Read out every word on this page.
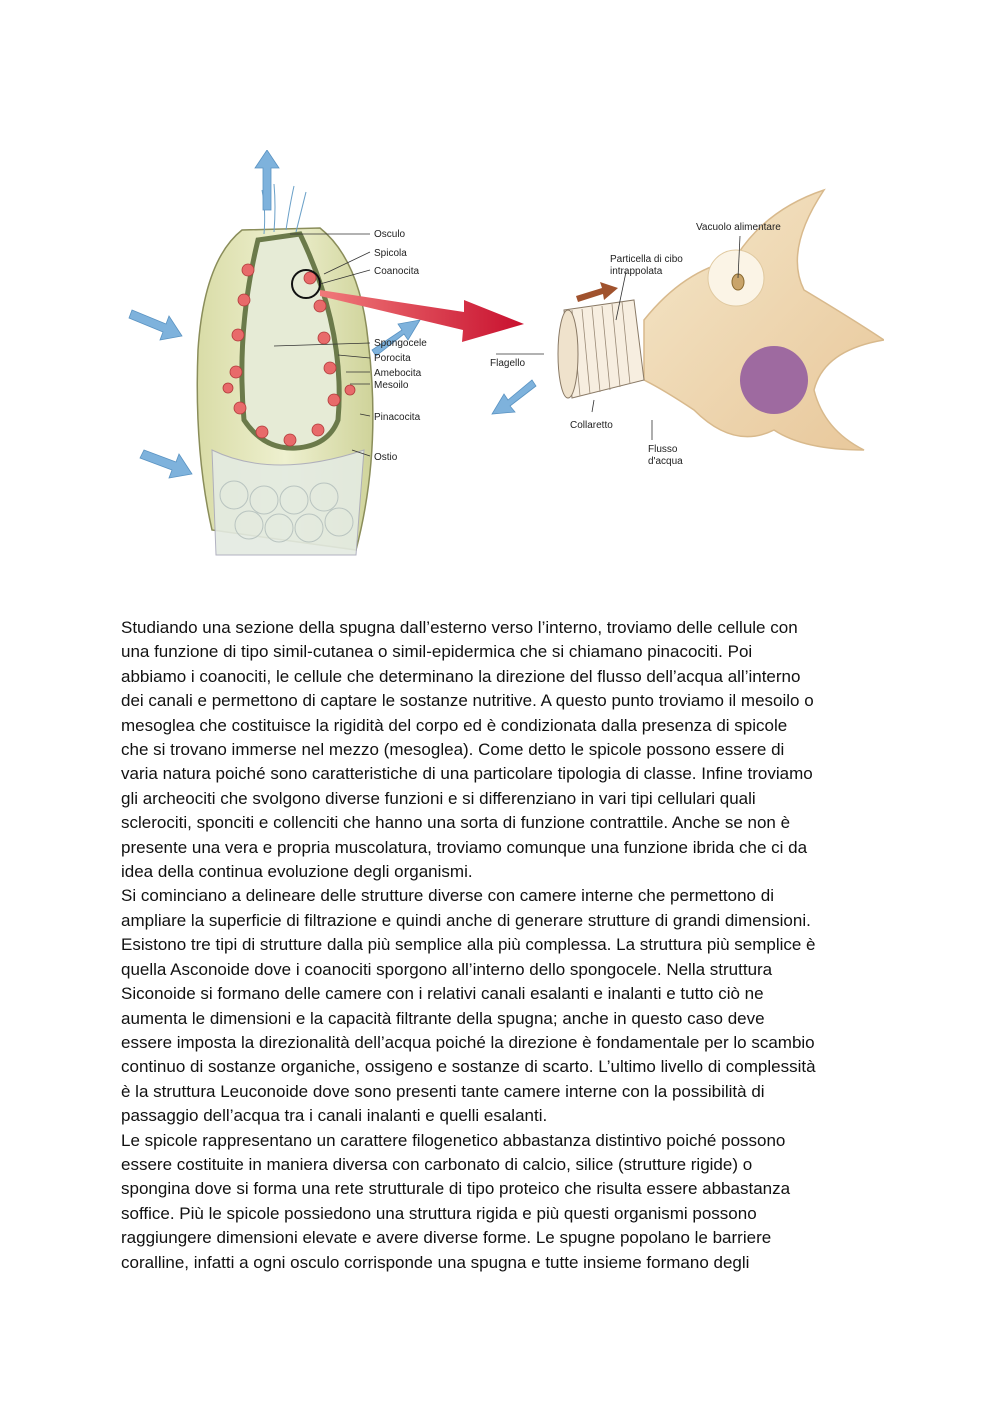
Osculo
Spicola
Coanocita
Spongocele
Porocita
Amebocita
Mesoilo
Pinacocita
Ostio
Vacuolo alimentare
Particella di cibo
intrappolata
Flagello
Collaretto
Flusso
d'acqua
Studiando una sezione della spugna dall’esterno verso l’interno, troviamo delle cellule con
una funzione di tipo simil-cutanea o simil-epidermica che si chiamano pinacociti. Poi
abbiamo i coanociti, le cellule che determinano la direzione del flusso dell’acqua all’interno
dei canali e permettono di captare le sostanze nutritive. A questo punto troviamo il mesoilo o
mesoglea che costituisce la rigidità del corpo ed è condizionata dalla presenza di spicole
che si trovano immerse nel mezzo (mesoglea). Come detto le spicole possono essere di
varia natura poiché sono caratteristiche di una particolare tipologia di classe. Infine troviamo
gli archeociti che svolgono diverse funzioni e si differenziano in vari tipi cellulari quali
sclerociti, sponciti e collenciti che hanno una sorta di funzione contrattile. Anche se non è
presente una vera e propria muscolatura, troviamo comunque una funzione ibrida che ci da
idea della continua evoluzione degli organismi.
Si cominciano a delineare delle strutture diverse con camere interne che permettono di
ampliare la superficie di filtrazione e quindi anche di generare strutture di grandi dimensioni.
Esistono tre tipi di strutture dalla più semplice alla più complessa. La struttura più semplice è
quella Asconoide dove i coanociti sporgono all’interno dello spongocele. Nella struttura
Siconoide si formano delle camere con i relativi canali esalanti e inalanti e tutto ciò ne
aumenta le dimensioni e la capacità filtrante della spugna; anche in questo caso deve
essere imposta la direzionalità dell’acqua poiché la direzione è fondamentale per lo scambio
continuo di sostanze organiche, ossigeno e sostanze di scarto. L’ultimo livello di complessità
è la struttura Leuconoide dove sono presenti tante camere interne con la possibilità di
passaggio dell’acqua tra i canali inalanti e quelli esalanti.
Le spicole rappresentano un carattere filogenetico abbastanza distintivo poiché possono
essere costituite in maniera diversa con carbonato di calcio, silice (strutture rigide) o
spongina dove si forma una rete strutturale di tipo proteico che risulta essere abbastanza
soffice. Più le spicole possiedono una struttura rigida e più questi organismi possono
raggiungere dimensioni elevate e avere diverse forme. Le spugne popolano le barriere
coralline, infatti a ogni osculo corrisponde una spugna e tutte insieme formano degli
